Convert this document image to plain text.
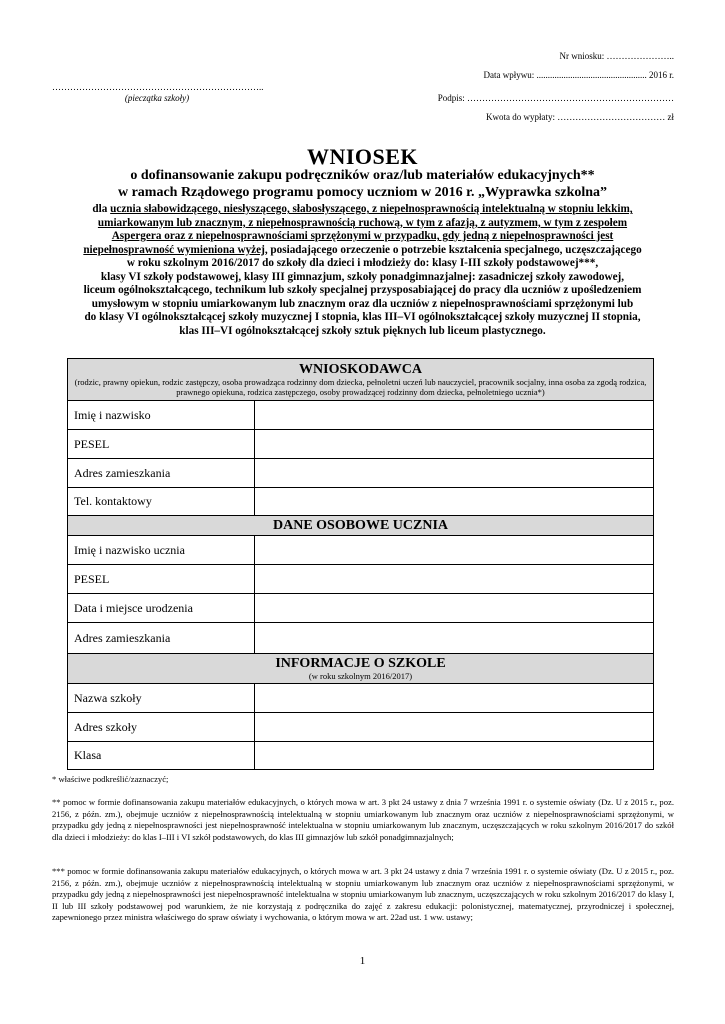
Nr wniosku: …………………..
Data wpływu: ................................................. 2016 r.
……………………………………………………………..
(pieczątka szkoły)	Podpis: ……………………………………………………………
Kwota do wypłaty: ……………………………… zł
WNIOSEK
o dofinansowanie zakupu podręczników oraz/lub materiałów edukacyjnych**
w ramach Rządowego programu pomocy uczniom w 2016 r. „Wyprawka szkolna”
dla ucznia słabowidzącego, niesłyszącego, słabosłyszącego, z niepełnosprawnością intelektualną w stopniu lekkim,
umiarkowanym lub znacznym, z niepełnosprawnością ruchową, w tym z afazją, z autyzmem, w tym z zespołem
Aspergera oraz z niepełnosprawnościami sprzężonymi w przypadku, gdy jedną z niepełnosprawności jest
niepełnosprawność wymieniona wyżej, posiadającego orzeczenie o potrzebie kształcenia specjalnego, uczęszczającego
w roku szkolnym 2016/2017 do szkoły dla dzieci i młodzieży do: klasy I-III szkoły podstawowej***,
klasy VI szkoły podstawowej, klasy III gimnazjum, szkoły ponadgimnazjalnej: zasadniczej szkoły zawodowej,
liceum ogólnokształcącego, technikum lub szkoły specjalnej przysposabiającej do pracy dla uczniów z upośledzeniem
umysłowym w stopniu umiarkowanym lub znacznym oraz dla uczniów z niepełnosprawnościami sprzężonymi lub
do klasy VI ogólnokształcącej szkoły muzycznej I stopnia, klas III–VI ogólnokształcącej szkoły muzycznej II stopnia,
klas III–VI ogólnokształcącej szkoły sztuk pięknych lub liceum plastycznego.
WNIOSKODAWCA
(rodzic, prawny opiekun, rodzic zastępczy, osoba prowadząca rodzinny dom dziecka, pełnoletni uczeń lub nauczyciel, pracownik socjalny, inna osoba za zgodą rodzica, prawnego opiekuna, rodzica zastępczego, osoby prowadzącej rodzinny dom dziecka, pełnoletniego ucznia*)	

Imię i nazwisko	
PESEL	
Adres zamieszkania	
Tel. kontaktowy	

DANE OSOBOWE UCZNIA	

Imię i nazwisko ucznia	
PESEL	
Data i miejsce urodzenia	
Adres zamieszkania	

INFORMACJE O SZKOLE
(w roku szkolnym 2016/2017)	

Nazwa szkoły	
Adres szkoły	
Klasa	
* właściwe podkreślić/zaznaczyć;
** pomoc w formie dofinansowania zakupu materiałów edukacyjnych, o których mowa w art. 3 pkt 24 ustawy z dnia 7 września 1991 r. o systemie oświaty (Dz. U z 2015 r., poz. 2156, z późn. zm.), obejmuje uczniów z niepełnosprawnością intelektualną w stopniu umiarkowanym lub znacznym oraz uczniów z niepełnosprawnościami sprzężonymi, w przypadku gdy jedną z niepełnosprawności jest niepełnosprawność intelektualna w stopniu umiarkowanym lub znacznym, uczęszczających w roku szkolnym 2016/2017 do szkół dla dzieci i młodzieży: do klas I–III i VI szkół podstawowych, do klas III gimnazjów lub szkół ponadgimnazjalnych;
*** pomoc w formie dofinansowania zakupu materiałów edukacyjnych, o których mowa w art. 3 pkt 24 ustawy z dnia 7 września 1991 r. o systemie oświaty (Dz. U z 2015 r., poz. 2156, z późn. zm.), obejmuje uczniów z niepełnosprawnością intelektualną w stopniu umiarkowanym lub znacznym oraz uczniów z niepełnosprawnościami sprzężonymi, w przypadku gdy jedną z niepełnosprawności jest niepełnosprawność intelektualna w stopniu umiarkowanym lub znacznym, uczęszczających w roku szkolnym 2016/2017 do klasy I, II lub III szkoły podstawowej pod warunkiem, że nie korzystają z podręcznika do zajęć z zakresu edukacji: polonistycznej, matematycznej, przyrodniczej i społecznej, zapewnionego przez ministra właściwego do spraw oświaty i wychowania, o którym mowa w art. 22ad ust. 1 ww. ustawy;
1
